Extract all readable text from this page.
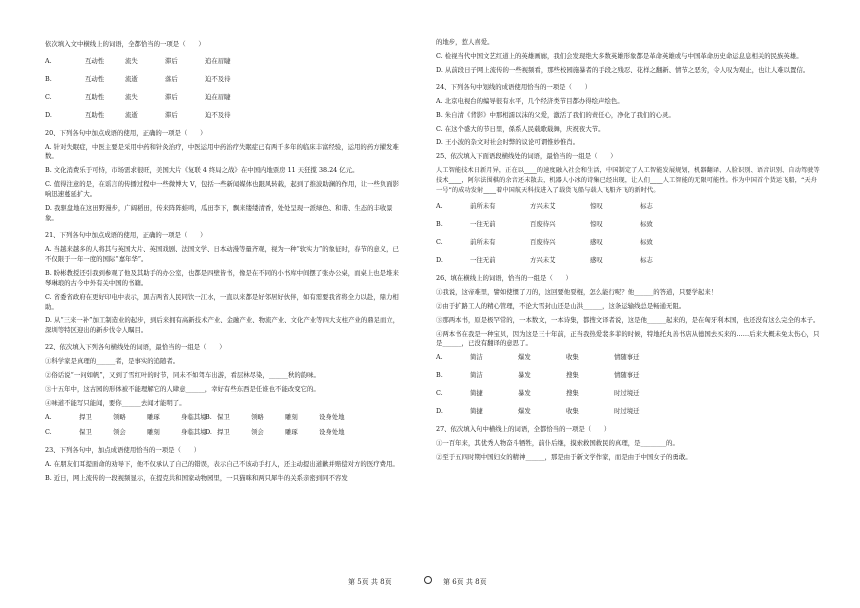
依次填入文中横线上的词语，全都恰当的一项是（　　）
A.	互动性	流失	滞后	追在眉睫
B.	互动性	流逝	落后	迫不及待
C.	互助性	流失	滞后	迫在眉睫
D.	互助性	流逝	滞后	迫不及待
20、下列各句中加点成语的使用，正确的一项是（　　）
A. 针对失眠症，中医主要是采用中药和针灸治疗，中医运用中药治疗失眠症已有两千多年的临床丰富经验，运用的药方擢发难数。
B. 文化消费乐于可恃，市场需求很旺，美国大片《复联 4 终局之战》在中国内地票房 11 天狂揽 38.24 亿元。
C. 值得注意的是，在谣言的传播过程中一些微博大 V，包括一些新闻媒体也跟风转载，起到了推波助澜的作用，让一些负面影响迅速蔓延扩大。
D. 我驱盘地在这田野漫步，广阔稻田，传来阵阵蛙鸣，瓜田李下，飘来缕缕清香，处处呈现一派绿色、和谐、生态的丰收景象。
21、下列各句中加点成语的使用，正确的一项是（　　）
A. 当越来越多的人将其与英国大片、英国戏剧、法国文学、日本动漫等量齐观，视为一种“软实力”的象征时，春节的意义，已不仅限于一年一度的国际“嘉年华”。
B. 盼彬教授还引我到参观了他及其助手的办公室，也都是四壁皆书，像是在不同的小书库中间摆了张办公桌，而桌上也是堆来琴琳琅的古今中外有关中国的书籍。
C. 省委省政府在更好印电中表示，黑吉两省人民同饮一江水，一直以来都是好邻居好伙伴，如有需要我省将全力以赴，鼎力相助。
D. 从“三来一补”加工制造业的起步，到后来拥有高新技术产业、金融产业、物流产业、文化产业等四大支柱产业的鼎足而立，深圳等特区迎出的新步伐令人瞩目。
22、依次填入下列各句横线处的词语，最恰当的一组是（　　）
①科学家是真理的______者，是事实的追随者。
②俗话说“一问如帆”，又到了雪红叶的时节，同未不如驾车出游，看层林尽染，______秋的韵味。
③十五年中，这古园的形体被不能理解它的人肆意______，幸好有些东西是任谁也不能改变它的。
④味道不能写只能闻，要你______去闻才能明了。
A.	捍卫	领略	雕琢	身临其境
B. 保卫	领略	雕刻	设身处地
C.	保卫	领会	雕刻	身临其境
D. 捍卫	领会	雕琢	设身处地
23、下列各句中，加点成语使用恰当的一项是（　　）
A. 在朋友们耳提面命的劝导下，他不仅承认了自己的错误，表示自己不该动手打人，还主动提出道歉并赔偿对方的医疗费用。
B. 近日，网上流传的一段视频显示，在提克共和国家动物园里，一只猫咪和两只犀牛的关系亲密到同不容发
的地步，惹人喜爱。
C. 检视当代中国文艺红道上的英雄画廊，我们会发现绝大多数英雄形象都是革命英雄或与中国革命历史命运息息相关的民族英雄。
D. 从前段日子网上流传的一些视频看，那些校园施暴者的手段之残忍、花样之翻新、情节之恶劣，令人叹为观止，也让人难以置信。
24、下列各句中划线的成语使用恰当的一项是（　　）
A. 北京电视台的编导很有水平，几个经济类节目都办得绘声绘色。
B. 朱自清《背影》中那相濡以沫的父爱，激活了我们的责任心，净化了我们的心灵。
C. 在这个盛大的节日里，係系人民载歌载舞，庆祝夜大节。
D. 王小波的杂文对社会时弊的议论可谓惟妙惟肖。
25、依次填入下面语段横线处的词语，最恰当的一组是（　　）
人工智能技术日新月异，正在以____的速度融入社会和生活，中国制定了人工智能发展规划，机器翻译、人脸识别、语音识别、自动驾驶等技术____，阿尔法围棋的余音还未散去，机器人小冰的诗集已经出现，让人们____人工智能的无限可能性。作为中国首个货运飞船，“天舟一号”的成功发射____着中国航天科技进入了载货飞船与载人飞船齐飞的新时代。
A.	前所未有	方兴未艾	惊叹	标志
B.	一往无前	百废待兴	惊叹	标致
C.	前所未有	百废待兴	感叹	标致
D.	一往无前	方兴未艾	感叹	标志
26、填在横线上的词语，恰当的一组是（　　）
①我说，这帝难里，譬如使惯了刀的，这回要他耍棍，怎么能行呢？他______的答道，只要学起来！
②由于扩路工人的精心管理，不论大雪封山还是山洪______，这条运输线总是畅通无阻。
③那两本书，原是极罕常的，一本数文，一本诗集，都搜文译者说，这是他______起来的，是在匈牙利本国，也还没有这么完全的本子。
④两本书在我是一种宝贝，因为这是三十年前，正当我热爱裴多菲的时候，特地托丸善书店从德国去买来的……后来大概未免太伤心，只是______，已没有翻译的意思了。
A.	简洁	爆发	收集	情随事迁
B.	简洁	暴发	搜集	情随事迁
C.	简捷	暴发	搜集	时过境迁
D.	简捷	爆发	收集	时过境迁
27、依次填入句中横线上的词语，全都恰当的一项是（　　）
①一百年来，其优秀人物奋斗牺牲，前仆后继，摸索救国救民的真理，是________的。
②至于五四时期中国妇女的精神______，那是由于新文学作家，而是由于中国女子的勇敢。
第 5页 共 8页	第 6页 共 8页
